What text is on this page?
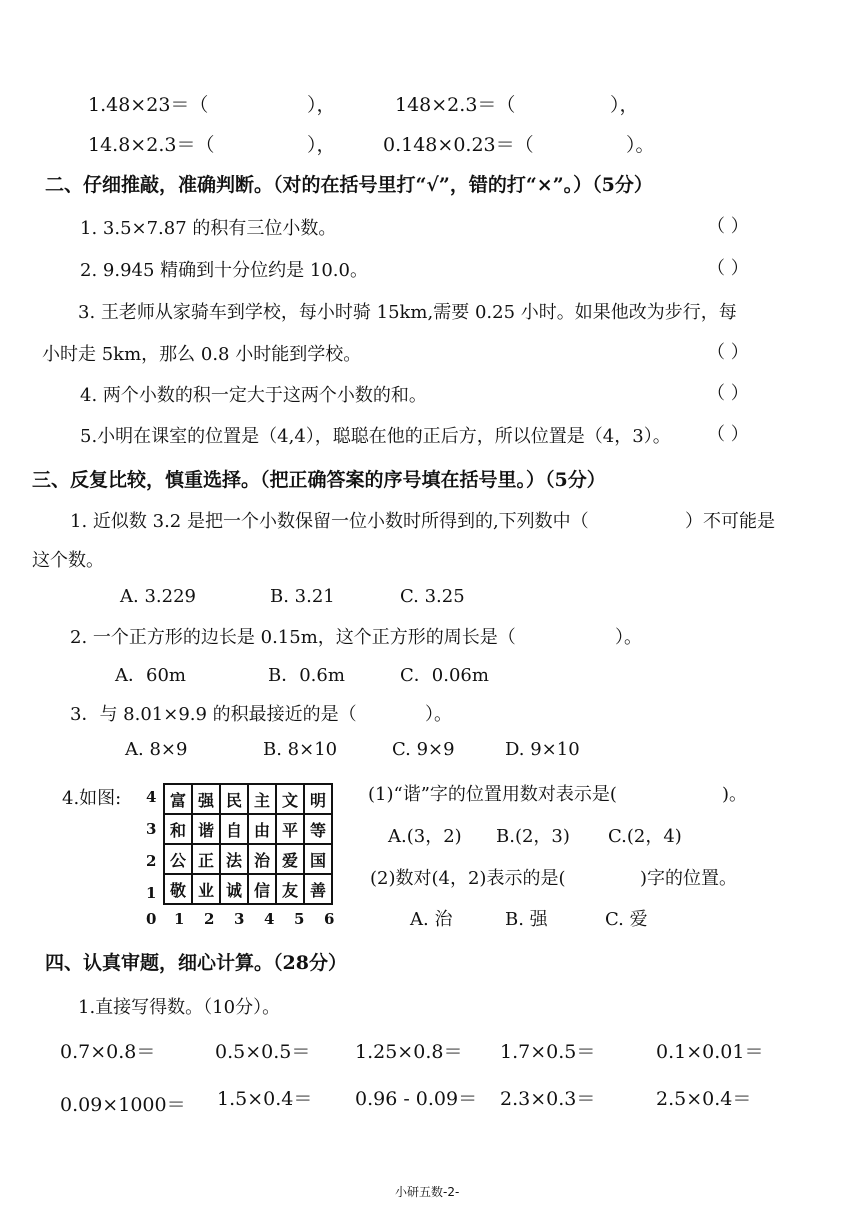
1.48×23＝（	），	148×2.3＝（	），
14.8×2.3＝（	）， 0.148×0.23＝（	）。
二、仔细推敲，准确判断。（对的在括号里打“√”，错的打“×”。）（5分）
1. 3.5×7.87 的积有三位小数。	（ ）
2. 9.945 精确到十分位约是 10.0。	（ ）
3. 王老师从家骑车到学校，每小时骑 15km,需要 0.25 小时。如果他改为步行，每
小时走 5km，那么 0.8 小时能到学校。	（ ）
4. 两个小数的积一定大于这两个小数的和。	（ ）
5.小明在课室的位置是（4,4），聪聪在他的正后方，所以位置是（4，3）。 （ ）
三、反复比较，慎重选择。（把正确答案的序号填在括号里。）（5分）
1. 近似数 3.2 是把一个小数保留一位小数时所得到的,下列数中（	）不可能是
这个数。
A. 3.229	B. 3.21	C. 3.25
2. 一个正方形的边长是 0.15m，这个正方形的周长是（	）。
A．60m	B．0.6m	C．0.06m
3．与 8.01×9.9 的积最接近的是（	）。
A. 8×9	B. 8×10	C. 9×9	D. 9×10
4.如图: 4
3
2
1
富	强	民	主	文	明
和	谐	自	由	平	等
公	正	法	治	爱	国
敬	业	诚	信	友	善
0 1 2 3 4 5 6
(1)“谐”字的位置用数对表示是(	)。
A.(3，2) B.(2，3) C.(2，4)
(2)数对(4，2)表示的是(	)字的位置。
A. 治	B. 强	C. 爱
四、认真审题，细心计算。（28分）
1.直接写得数。（10分）。
0.7×0.8＝	0.5×0.5＝ 1.25×0.8＝ 1.7×0.5＝	0.1×0.01＝
0.09×1000＝ 1.5×0.4＝ 0.96 - 0.09＝ 2.3×0.3＝	2.5×0.4＝
小研五数-2-
